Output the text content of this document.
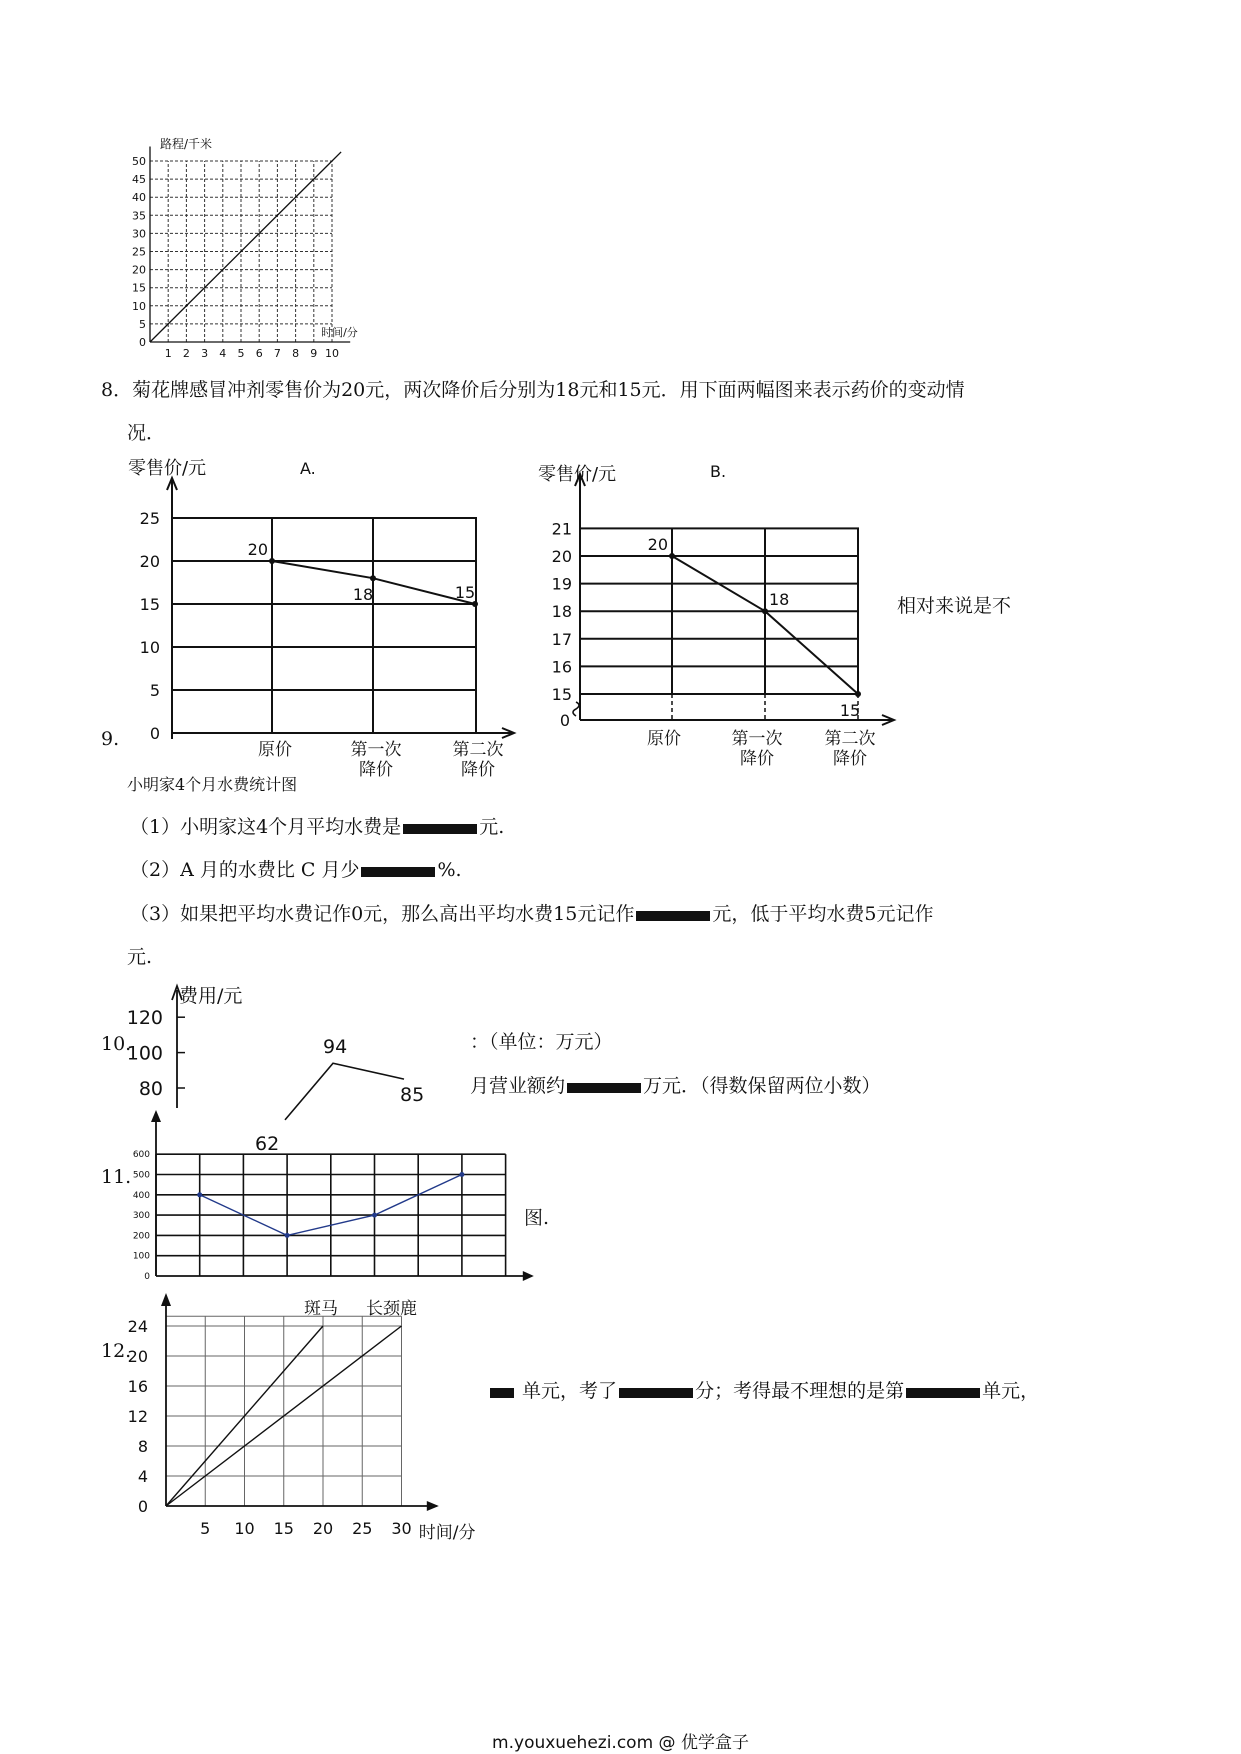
0
5
10
15
20
25
30
35
40
45
50
1 2 3 4 5 6 7 8 9 10
路程/千米
时间/分
8．菊花牌感冒冲剂零售价为20元，两次降价后分别为18元和15元．用下面两幅图来表示药价的变动情
况．
0
5
10
15
20
25
零售价/元	A.
20
18	15
原价	第一次
降价
第二次
降价
0
15
16
17
18
19
20
21
零售价/元	B.
20
18
15
原价	第一次
降价
第二次
降价
相对来说是不
9.
小明家4个月水费统计图
（1）小明家这4个月平均水费是	元.
（2）A 月的水费比 C 月少	%.
（3）如果把平均水费记作0元，那么高出平均水费15元记作	元，低于平均水费5元记作
元.
80
100
120
费用/元
62
94
85
10.	：（单位：万元）
月营业额约	万元．（得数保留两位小数）
0
100
200
300
400
500
600
11.
图.
0
4
8
12
16
20
24
5 10 15 20 25 30 时间/分
斑马 长颈鹿
12.
单元，考了	分；考得最不理想的是第	单元，
m.youxuehezi.com @ 优学盒子
